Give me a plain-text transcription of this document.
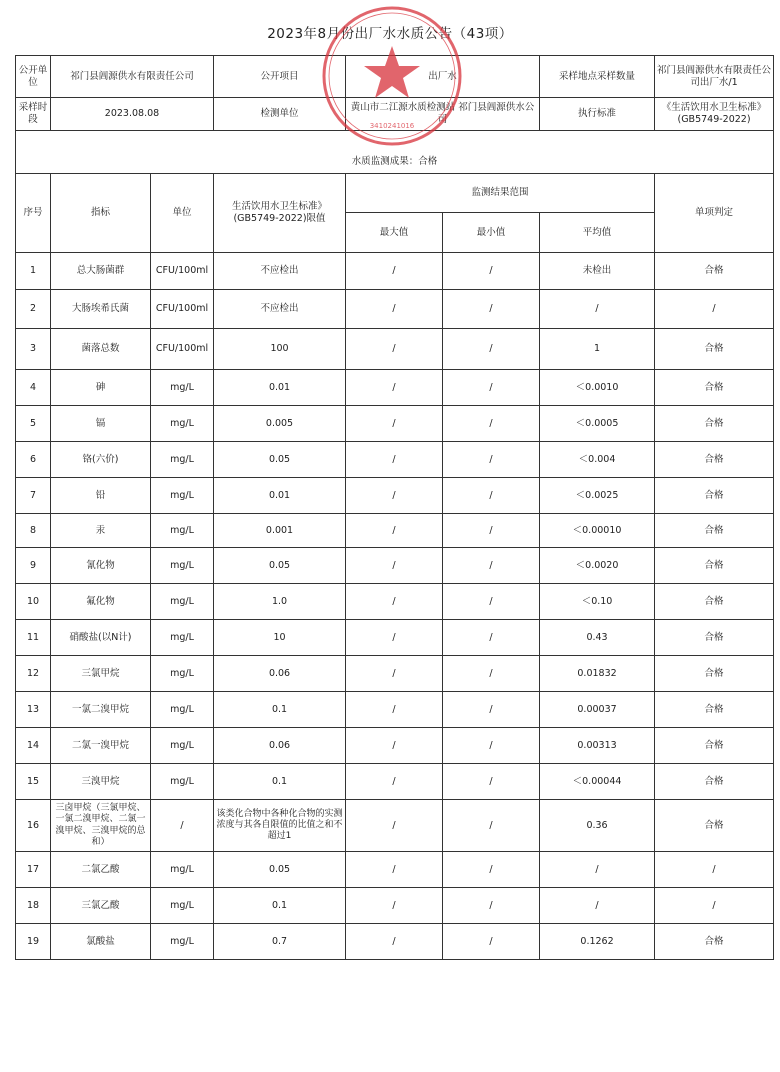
2023年8月份出厂水水质公告（43项）
公开单位	祁门县阊源供水有限责任公司		公开项目	出厂水		采样地点采样数量	祁门县阊源供水有限责任公司出厂水/1
采样时段	2023.08.08		检测单位	黄山市二江源水质检测站 祁门县阊源供水公司		执行标准	《生活饮用水卫生标准》(GB5749-2022)

水质监测成果：合格							
序号	指标	单位	生活饮用水卫生标准》(GB5749-2022)限值	监测结果范围			单项判定
				最大值	最小值	平均值	
1	总大肠菌群	CFU/100ml	不应检出	/	/	未检出	合格
2	大肠埃希氏菌	CFU/100ml	不应检出	/	/	/	/
3	菌落总数	CFU/100ml	100	/	/	1	合格
4	砷	mg/L	0.01	/	/	＜0.0010	合格
5	镉	mg/L	0.005	/	/	＜0.0005	合格
6	铬(六价)	mg/L	0.05	/	/	＜0.004	合格
7	铅	mg/L	0.01	/	/	＜0.0025	合格
8	汞	mg/L	0.001	/	/	＜0.00010	合格
9	氰化物	mg/L	0.05	/	/	＜0.0020	合格
10	氟化物	mg/L	1.0	/	/	＜0.10	合格
11	硝酸盐(以N计)	mg/L	10	/	/	0.43	合格
12	三氯甲烷	mg/L	0.06	/	/	0.01832	合格
13	一氯二溴甲烷	mg/L	0.1	/	/	0.00037	合格
14	二氯一溴甲烷	mg/L	0.06	/	/	0.00313	合格
15	三溴甲烷	mg/L	0.1	/	/	＜0.00044	合格
16	三卤甲烷（三氯甲烷、一氯二溴甲烷、二氯一溴甲烷、三溴甲烷的总和）	/	该类化合物中各种化合物的实测浓度与其各自限值的比值之和不超过1	/	/	0.36	合格
17	二氯乙酸	mg/L	0.05	/	/	/	/
18	三氯乙酸	mg/L	0.1	/	/	/	/
19	氯酸盐	mg/L	0.7	/	/	0.1262	合格
3410241016
